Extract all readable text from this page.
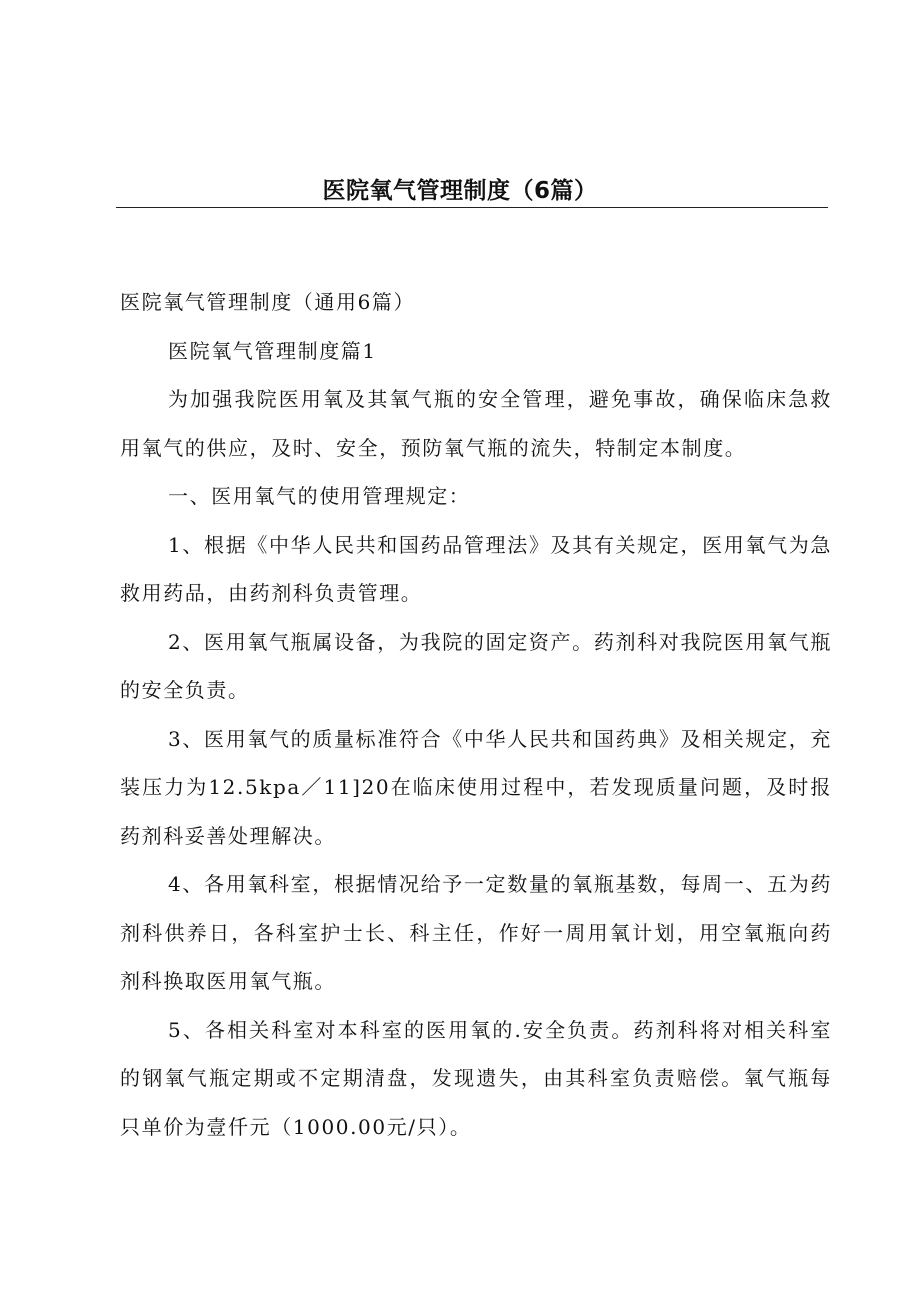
医院氧气管理制度（6篇）

医院氧气管理制度（通用6篇）

医院氧气管理制度篇1

为加强我院医用氧及其氧气瓶的安全管理，避免事故，确保临床急救用氧气的供应，及时、安全，预防氧气瓶的流失，特制定本制度。

一、医用氧气的使用管理规定：

1、根据《中华人民共和国药品管理法》及其有关规定，医用氧气为急救用药品，由药剂科负责管理。

2、医用氧气瓶属设备，为我院的固定资产。药剂科对我院医用氧气瓶的安全负责。

3、医用氧气的质量标准符合《中华人民共和国药典》及相关规定，充装压力为12.5kpa／11]20在临床使用过程中，若发现质量问题，及时报药剂科妥善处理解决。

4、各用氧科室，根据情况给予一定数量的氧瓶基数，每周一、五为药剂科供养日，各科室护士长、科主任，作好一周用氧计划，用空氧瓶向药剂科换取医用氧气瓶。

5、各相关科室对本科室的医用氧的.安全负责。药剂科将对相关科室的钢氧气瓶定期或不定期清盘，发现遗失，由其科室负责赔偿。氧气瓶每只单价为壹仟元（1000.00元/只）。
